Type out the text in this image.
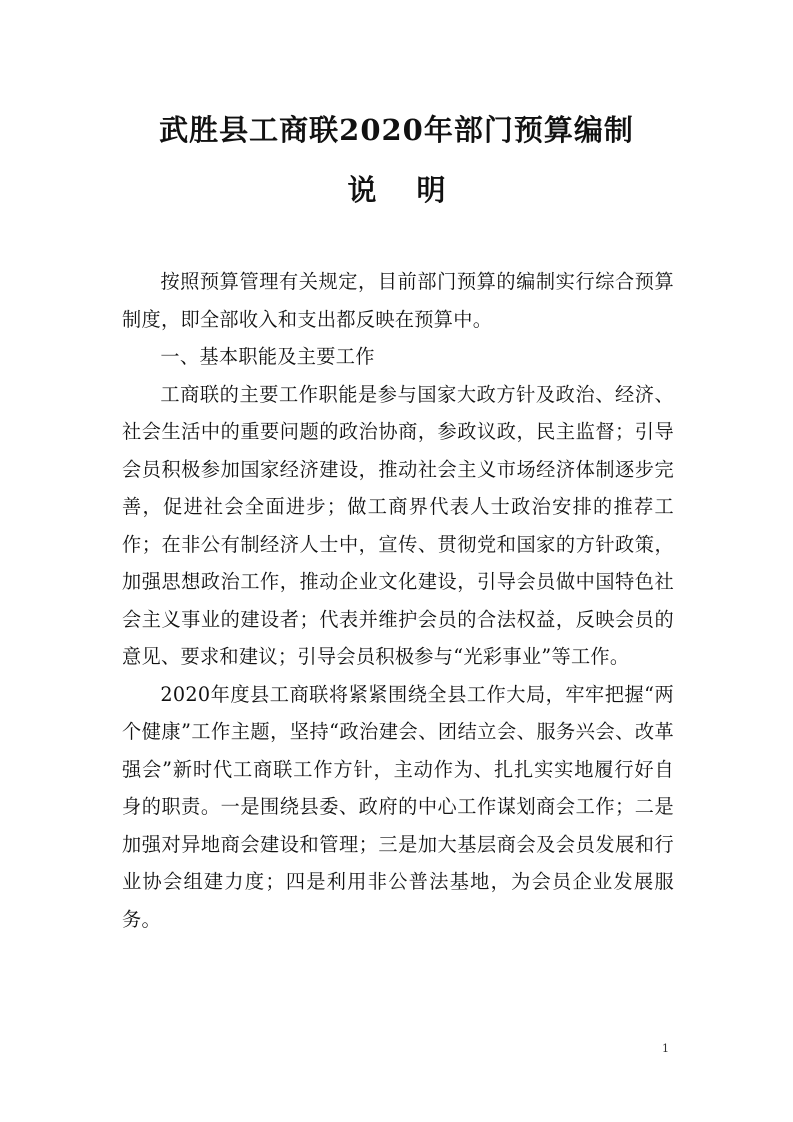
武胜县工商联2020年部门预算编制
说明

按照预算管理有关规定，目前部门预算的编制实行综合预算制度，即全部收入和支出都反映在预算中。

一、基本职能及主要工作

工商联的主要工作职能是参与国家大政方针及政治、经济、社会生活中的重要问题的政治协商，参政议政，民主监督；引导会员积极参加国家经济建设，推动社会主义市场经济体制逐步完善，促进社会全面进步；做工商界代表人士政治安排的推荐工作；在非公有制经济人士中，宣传、贯彻党和国家的方针政策，加强思想政治工作，推动企业文化建设，引导会员做中国特色社会主义事业的建设者；代表并维护会员的合法权益，反映会员的意见、要求和建议；引导会员积极参与“光彩事业”等工作。

2020年度县工商联将紧紧围绕全县工作大局，牢牢把握“两个健康”工作主题，坚持“政治建会、团结立会、服务兴会、改革强会”新时代工商联工作方针，主动作为、扎扎实实地履行好自身的职责。一是围绕县委、政府的中心工作谋划商会工作；二是加强对异地商会建设和管理；三是加大基层商会及会员发展和行业协会组建力度；四是利用非公普法基地，为会员企业发展服务。

1
